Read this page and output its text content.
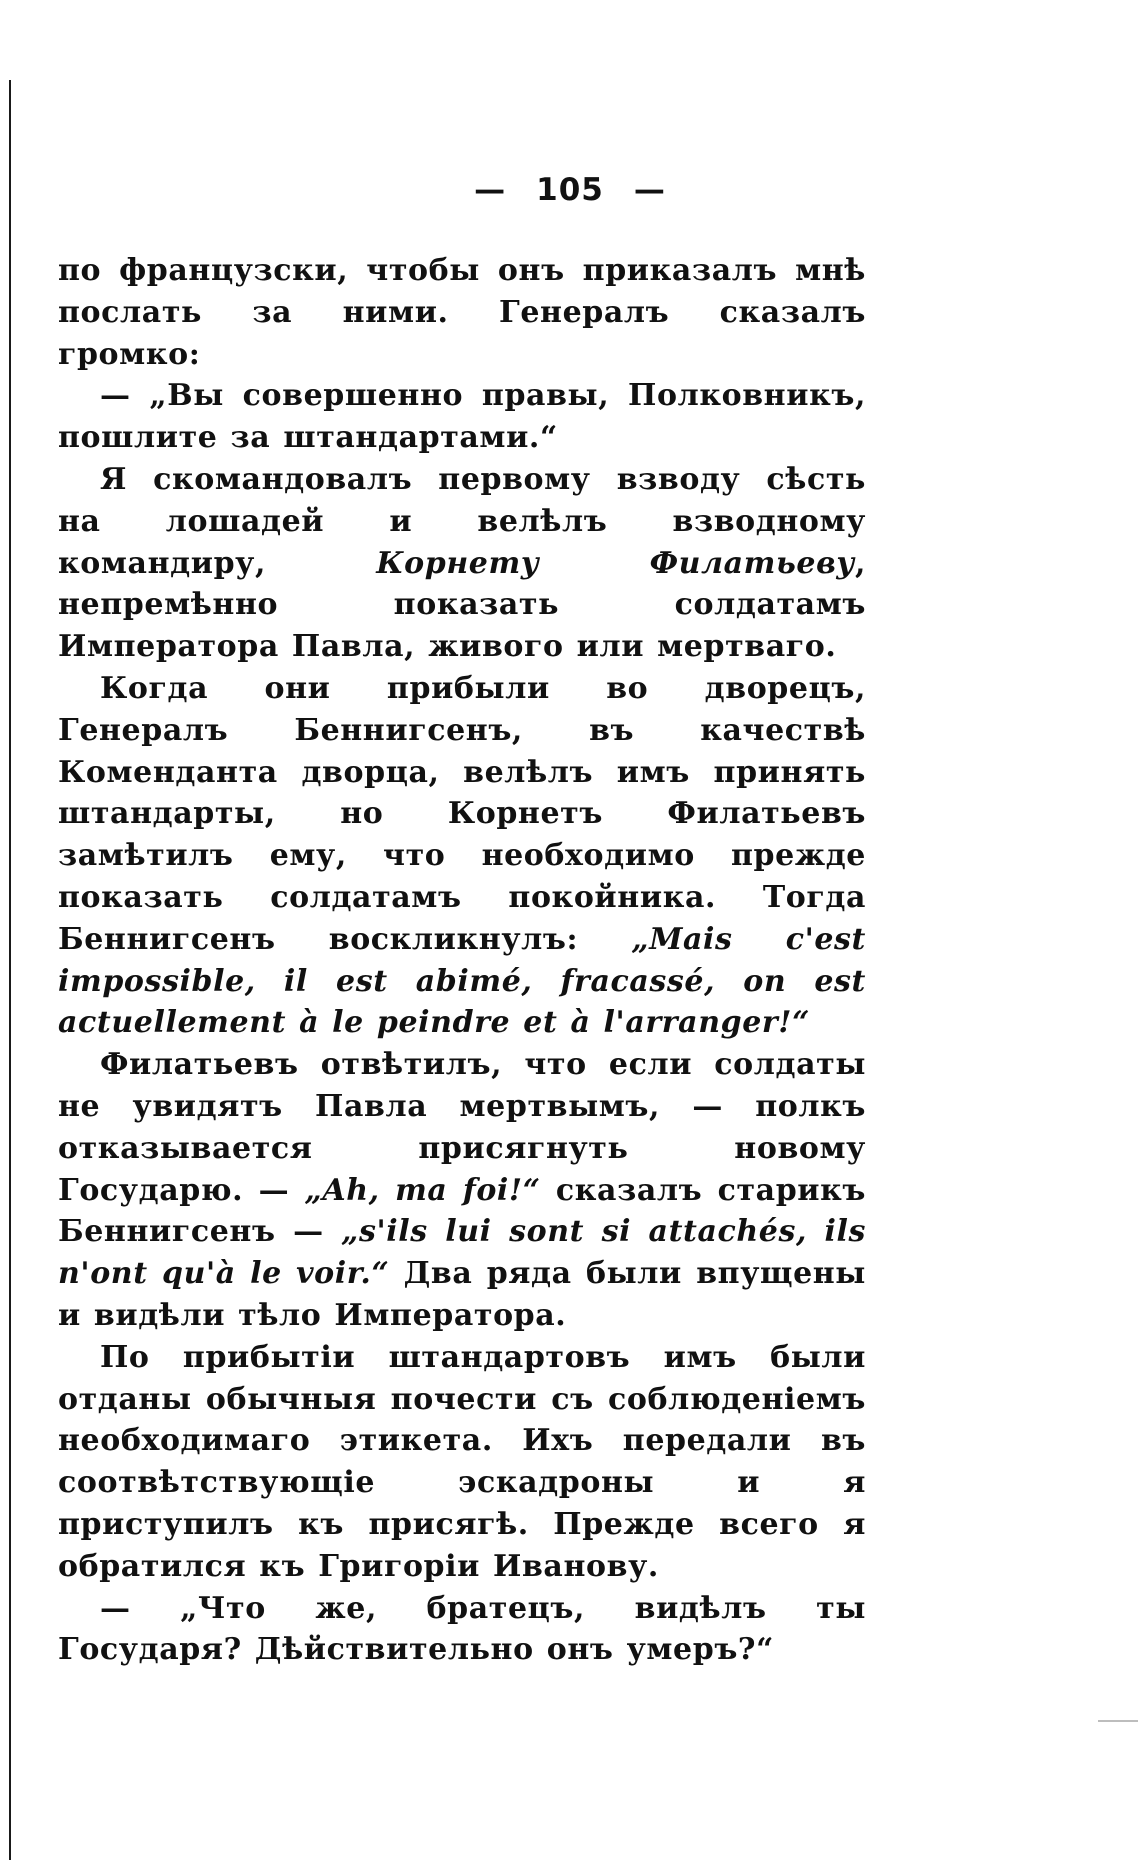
— 105 —

по французски, чтобы онъ приказалъ мнѣ послать за ними. Генералъ сказалъ громко:

— „Вы совершенно правы, Полковникъ, пошлите за штандартами.“

Я скомандовалъ первому взводу сѣсть на лошадей и велѣлъ взводному командиру, Корнету Филатьеву, непремѣнно показать солдатамъ Императора Павла, живого или мертваго.

Когда они прибыли во дворецъ, Генералъ Беннигсенъ, въ качествѣ Коменданта дворца, велѣлъ имъ принять штандарты, но Корнетъ Филатьевъ замѣтилъ ему, что необходимо прежде показать солдатамъ покойника. Тогда Беннигсенъ воскликнулъ: „Mais c'est impossible, il est abimé, fracassé, on est actuellement à le peindre et à l'arranger!“

Филатьевъ отвѣтилъ, что если солдаты не увидятъ Павла мертвымъ, — полкъ отказывается присягнуть новому Государю. — „Ah, ma foi!“ сказалъ старикъ Беннигсенъ — „s'ils lui sont si attachés, ils n'ont qu'à le voir.“ Два ряда были впущены и видѣли тѣло Императора.

По прибытіи штандартовъ имъ были отданы обычныя почести съ соблюденіемъ необходимаго этикета. Ихъ передали въ соотвѣтствующіе эскадроны и я приступилъ къ присягѣ. Прежде всего я обратился къ Григоріи Иванову.

— „Что же, братецъ, видѣлъ ты Государя? Дѣйствительно онъ умеръ?“
